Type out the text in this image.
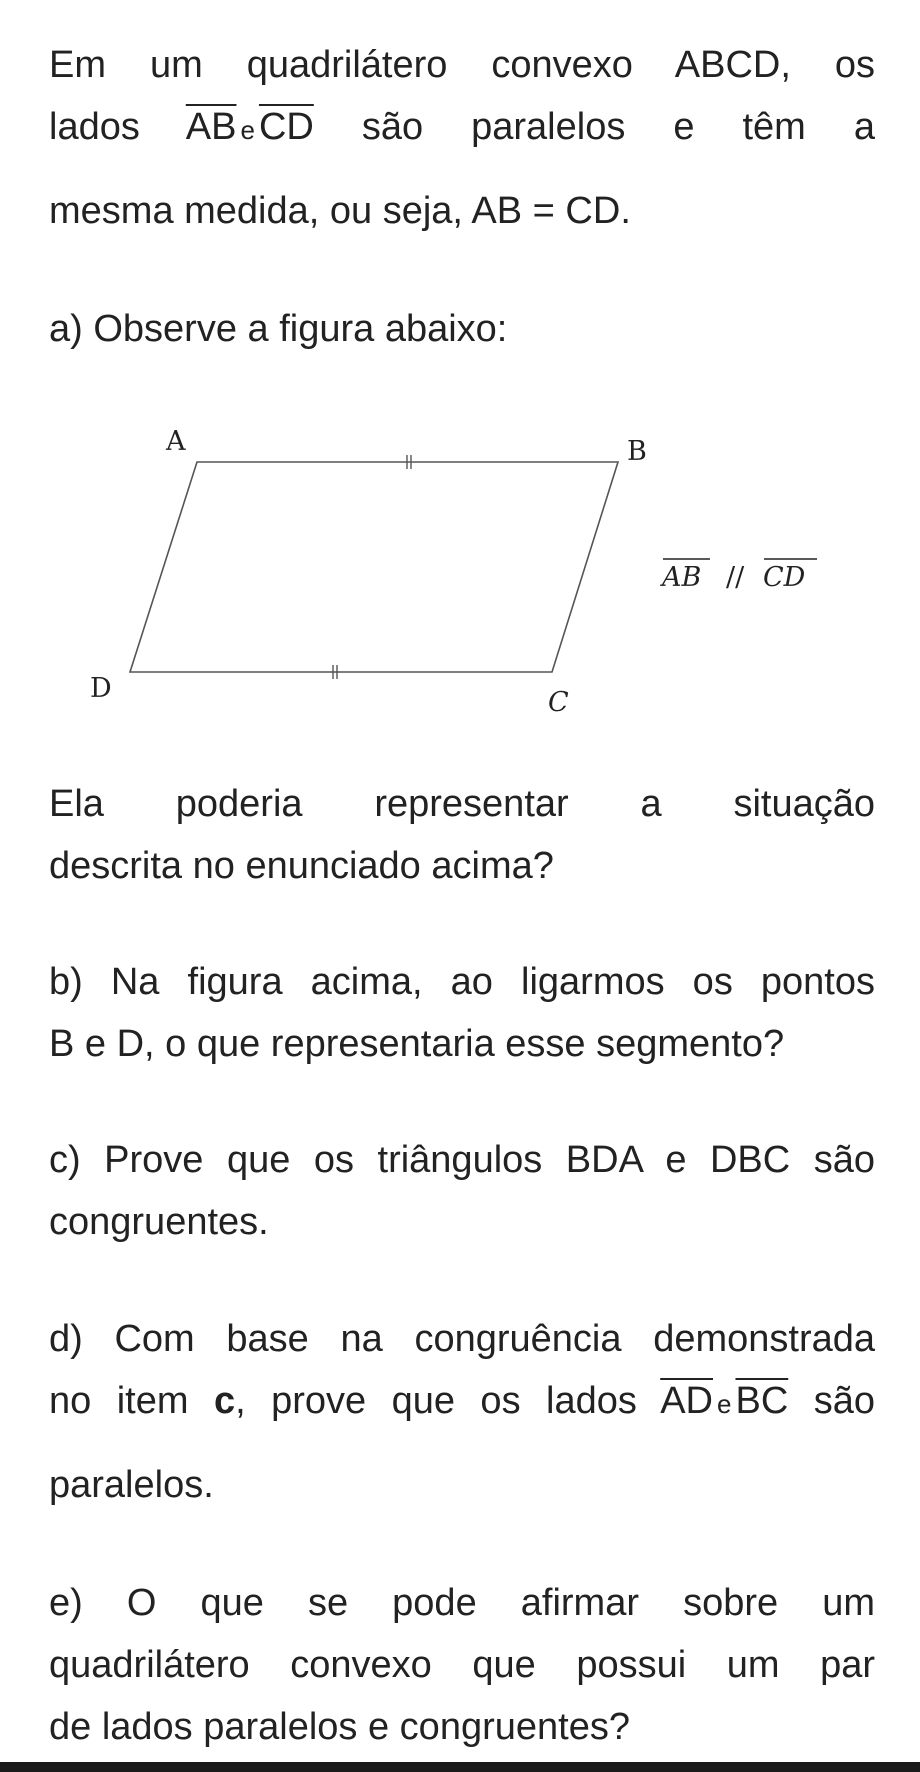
Em um quadrilátero convexo ABCD, os
lados $\overline{AB}$ e $\overline{CD}$ são paralelos e têm a
mesma medida, ou seja, AB = CD.
a) Observe a figura abaixo:
A	B
C
D
AB // CD
Ela poderia representar a situação
descrita no enunciado acima?
b) Na figura acima, ao ligarmos os pontos
B e D, o que representaria esse segmento?
c) Prove que os triângulos BDA e DBC são
congruentes.
d) Com base na congruência demonstrada
no item c, prove que os lados $\overline{AD}$ e $\overline{BC}$ são
paralelos.
e) O que se pode afirmar sobre um
quadrilátero convexo que possui um par
de lados paralelos e congruentes?
